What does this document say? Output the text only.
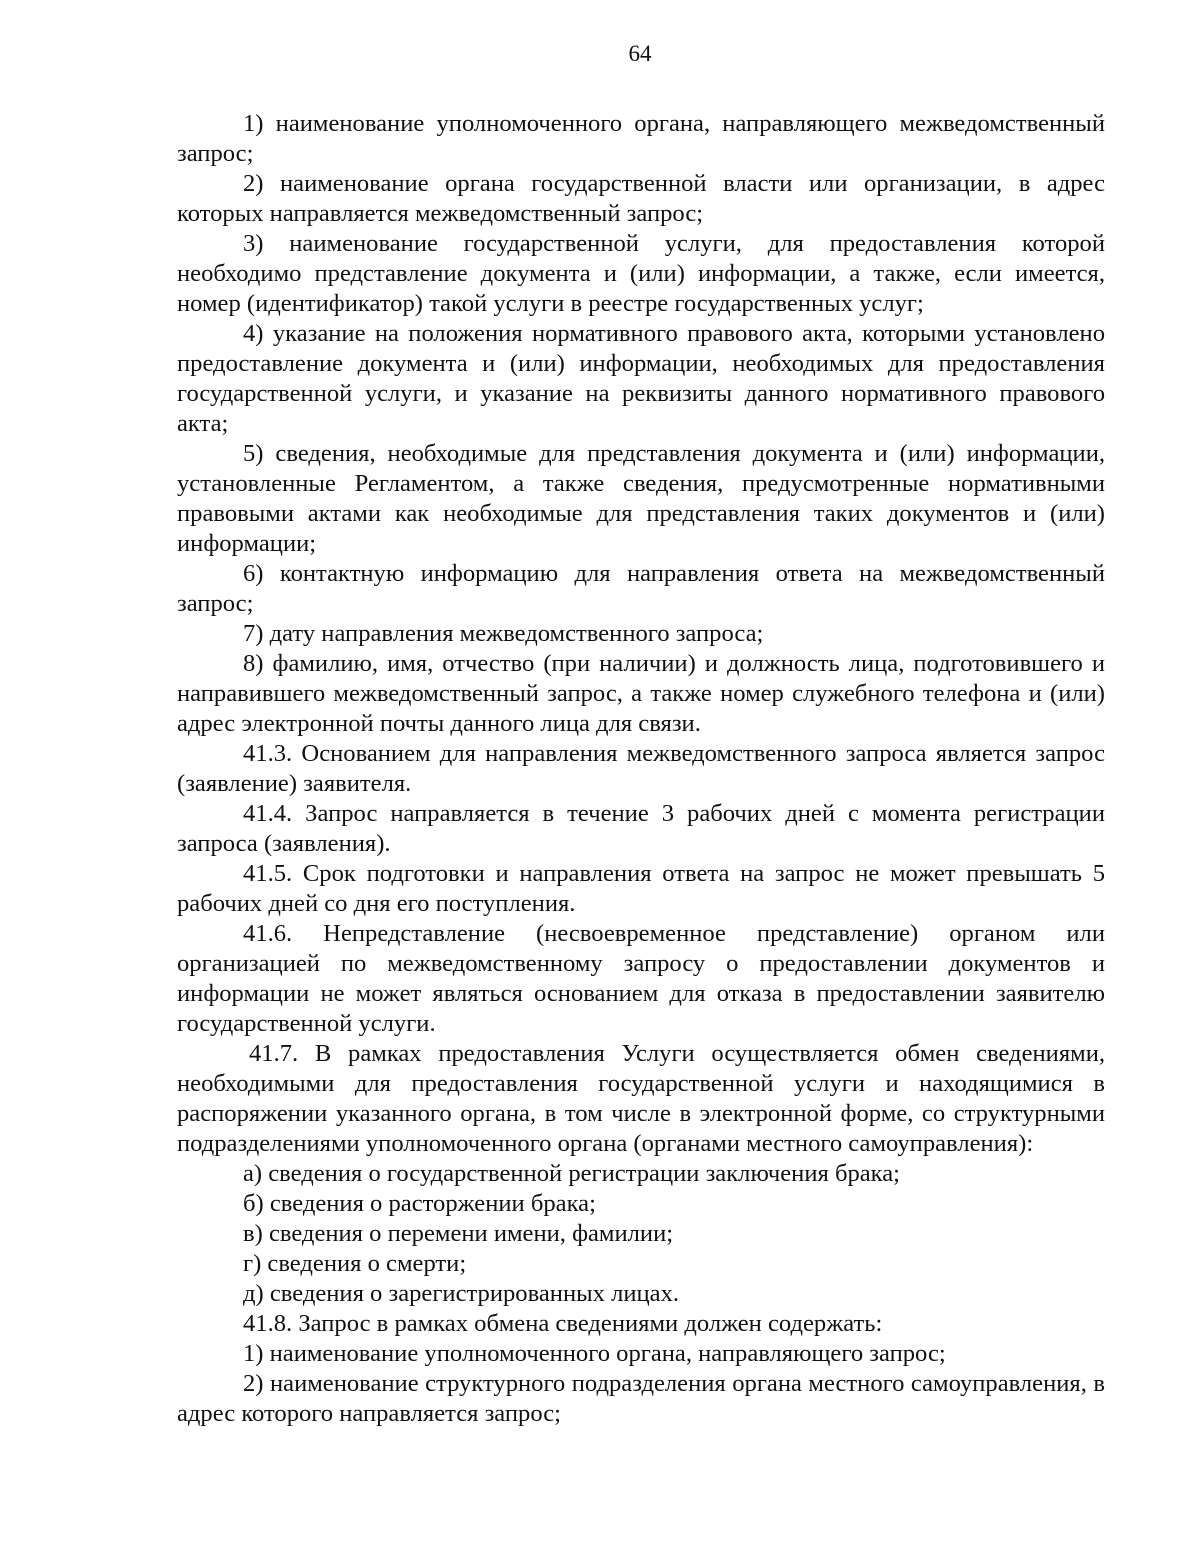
64

1) наименование уполномоченного органа, направляющего межведомственный запрос;

2) наименование органа государственной власти или организации, в адрес которых направляется межведомственный запрос;

3) наименование государственной услуги, для предоставления которой необходимо представление документа и (или) информации, а также, если имеется, номер (идентификатор) такой услуги в реестре государственных услуг;

4) указание на положения нормативного правового акта, которыми установлено предоставление документа и (или) информации, необходимых для предоставления государственной услуги, и указание на реквизиты данного нормативного правового акта;

5) сведения, необходимые для представления документа и (или) информации, установленные Регламентом, а также сведения, предусмотренные нормативными правовыми актами как необходимые для представления таких документов и (или) информации;

6) контактную информацию для направления ответа на межведомственный запрос;

7) дату направления межведомственного запроса;

8) фамилию, имя, отчество (при наличии) и должность лица, подготовившего и направившего межведомственный запрос, а также номер служебного телефона и (или) адрес электронной почты данного лица для связи.

41.3. Основанием для направления межведомственного запроса является запрос (заявление) заявителя.

41.4. Запрос направляется в течение 3 рабочих дней с момента регистрации запроса (заявления).

41.5. Срок подготовки и направления ответа на запрос не может превышать 5 рабочих дней со дня его поступления.

41.6. Непредставление (несвоевременное представление) органом или организацией по межведомственному запросу о предоставлении документов и информации не может являться основанием для отказа в предоставлении заявителю государственной услуги.

41.7. В рамках предоставления Услуги осуществляется обмен сведениями, необходимыми для предоставления государственной услуги и находящимися в распоряжении указанного органа, в том числе в электронной форме, со структурными подразделениями уполномоченного органа (органами местного самоуправления):

а) сведения о государственной регистрации заключения брака;

б) сведения о расторжении брака;

в) сведения о перемени имени, фамилии;

г) сведения о смерти;

д) сведения о зарегистрированных лицах.

41.8. Запрос в рамках обмена сведениями должен содержать:

1) наименование уполномоченного органа, направляющего запрос;

2) наименование структурного подразделения органа местного самоуправления, в адрес которого направляется запрос;
